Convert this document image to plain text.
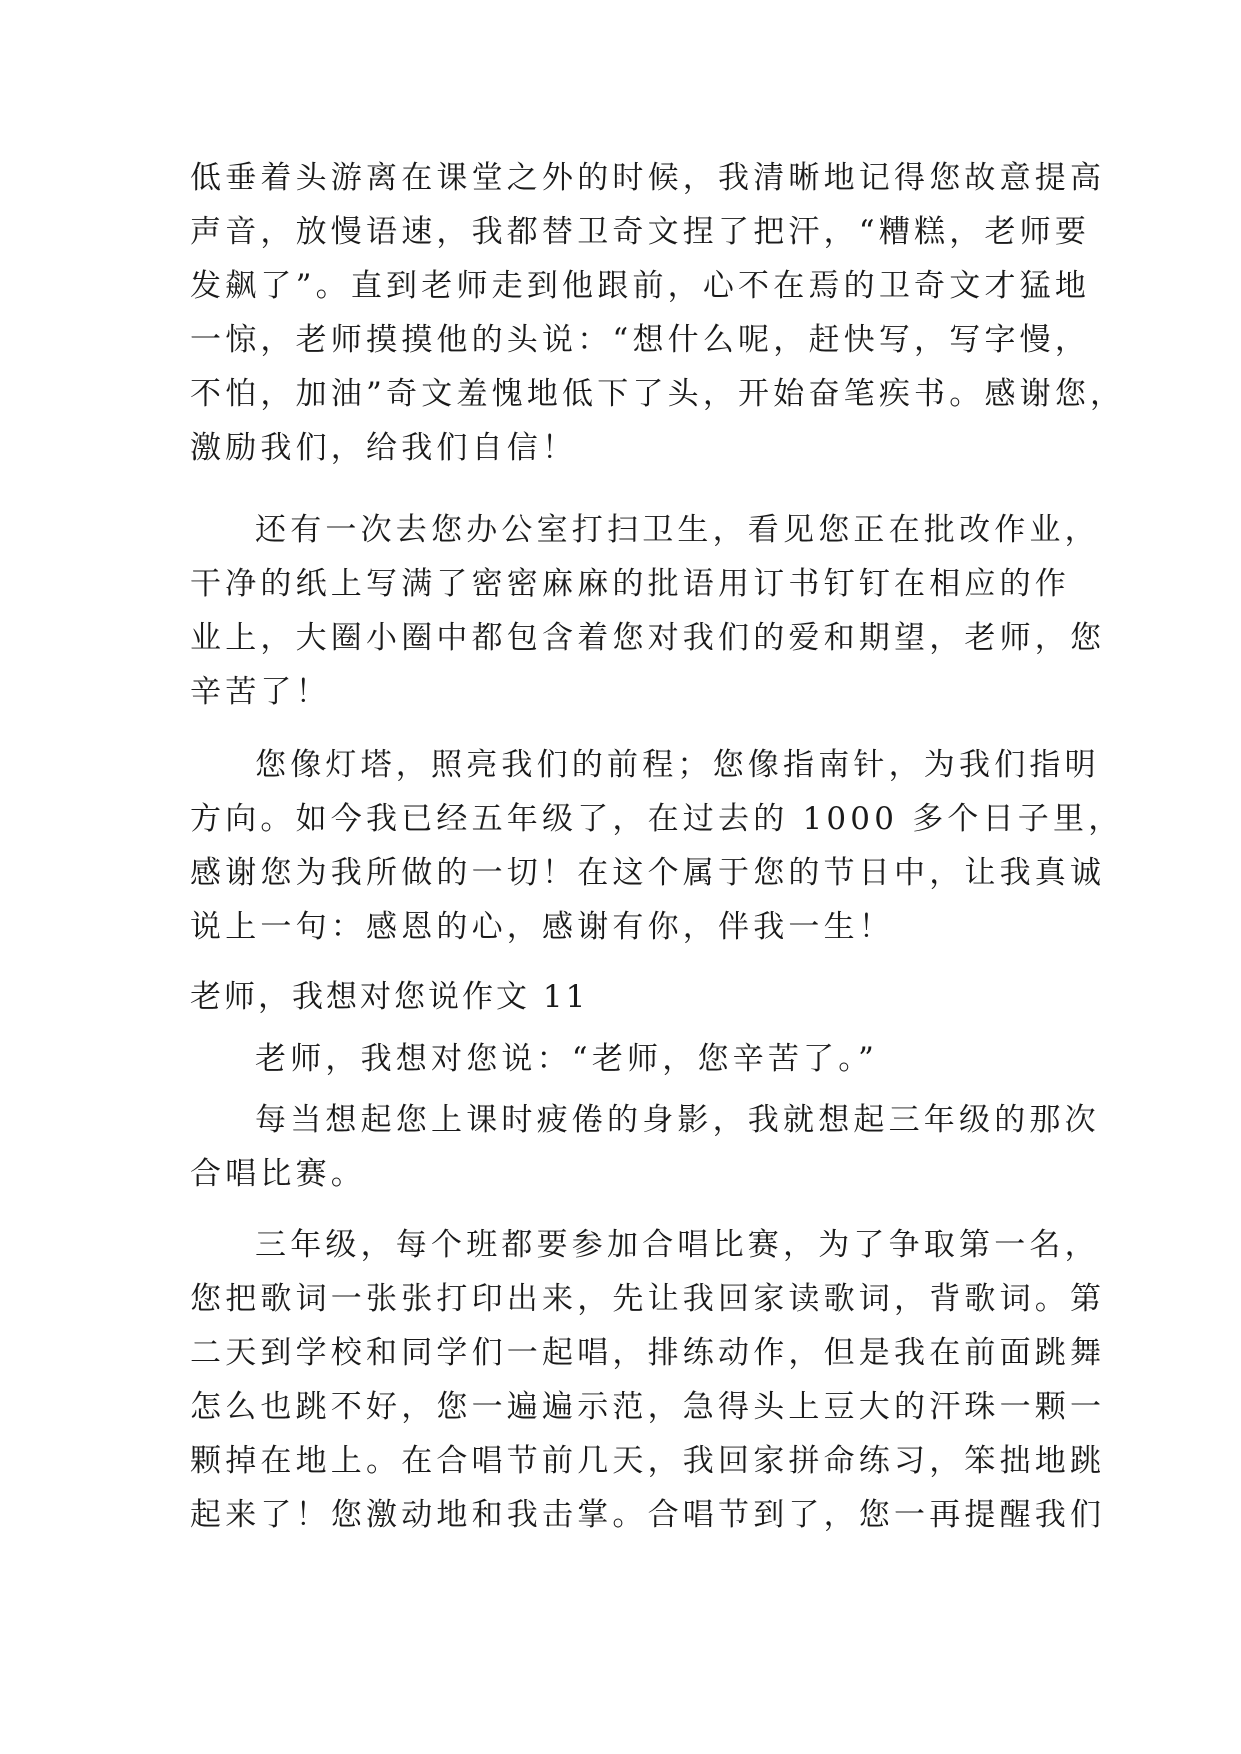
低垂着头游离在课堂之外的时候，我清晰地记得您故意提高
声音，放慢语速，我都替卫奇文捏了把汗，“糟糕，老师要
发飙了”。直到老师走到他跟前，心不在焉的卫奇文才猛地
一惊，老师摸摸他的头说：“想什么呢，赶快写，写字慢，
不怕，加油”奇文羞愧地低下了头，开始奋笔疾书。感谢您，
激励我们，给我们自信！
还有一次去您办公室打扫卫生，看见您正在批改作业，
干净的纸上写满了密密麻麻的批语用订书钉钉在相应的作
业上，大圈小圈中都包含着您对我们的爱和期望，老师，您
辛苦了！
您像灯塔，照亮我们的前程；您像指南针，为我们指明
方向。如今我已经五年级了，在过去的 1000 多个日子里，
感谢您为我所做的一切！在这个属于您的节日中，让我真诚
说上一句：感恩的心，感谢有你，伴我一生！
老师，我想对您说作文 11
老师，我想对您说：“老师，您辛苦了。”
每当想起您上课时疲倦的身影，我就想起三年级的那次
合唱比赛。
三年级，每个班都要参加合唱比赛，为了争取第一名，
您把歌词一张张打印出来，先让我回家读歌词，背歌词。第
二天到学校和同学们一起唱，排练动作，但是我在前面跳舞
怎么也跳不好，您一遍遍示范，急得头上豆大的汗珠一颗一
颗掉在地上。在合唱节前几天，我回家拼命练习，笨拙地跳
起来了！您激动地和我击掌。合唱节到了，您一再提醒我们
